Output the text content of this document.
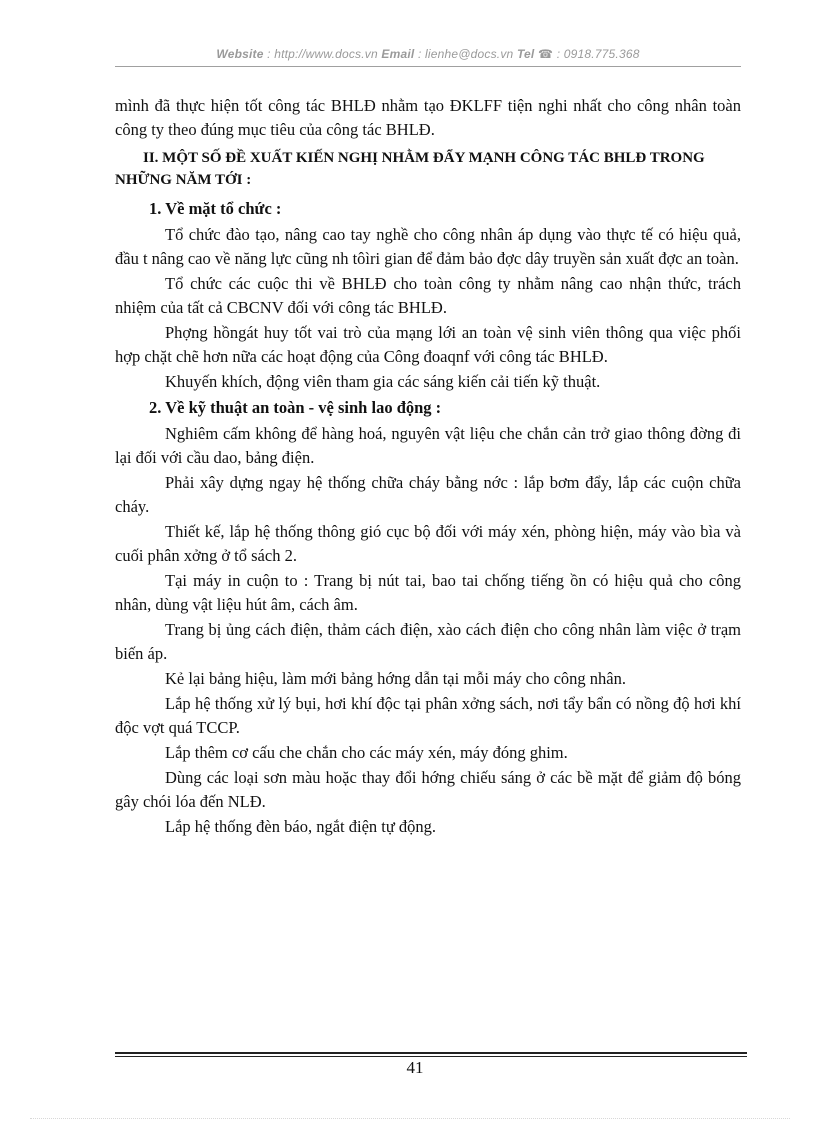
Website : http://www.docs.vn Email : lienhe@docs.vn Tel ☎ : 0918.775.368

mình đã thực hiện tốt công tác BHLĐ nhằm tạo ĐKLFF tiện nghi nhất cho công nhân toàn công ty theo đúng mục tiêu của công tác BHLĐ.

II. MỘT SỐ ĐỀ XUẤT KIẾN NGHỊ NHẰM ĐẨY MẠNH CÔNG TÁC BHLĐ TRONG NHỮNG NĂM TỚI :
1. Về mặt tổ chức :

Tổ chức đào tạo, nâng cao tay nghề cho công nhân áp dụng vào thực tế có hiệu quả, đầu t nâng cao về năng lực cũng nh tôìri gian để đảm bảo đợc dây truyền sản xuất đợc an toàn.

Tổ chức các cuộc thi về BHLĐ cho toàn công ty nhằm nâng cao nhận thức, trách nhiệm của tất cả CBCNV đối với công tác BHLĐ.

Phợng hồngát huy tốt vai trò của mạng lới an toàn vệ sinh viên thông qua việc phối hợp chặt chẽ hơn nữa các hoạt động của Công đoaqnf với công tác BHLĐ.

Khuyến khích, động viên tham gia các sáng kiến cải tiến kỹ thuật.

2. Về kỹ thuật an toàn - vệ sinh lao động :

Nghiêm cấm không để hàng hoá, nguyên vật liệu che chắn cản trở giao thông đờng đi lại đối với cầu dao, bảng điện.

Phải xây dựng ngay hệ thống chữa cháy bằng nớc : lắp bơm đẩy, lắp các cuộn chữa cháy.

Thiết kế, lắp hệ thống thông gió cục bộ đối với máy xén, phòng hiện, máy vào bìa và cuối phân xởng ở tổ sách 2.

Tại máy in cuộn to : Trang bị nút tai, bao tai chống tiếng ồn có hiệu quả cho công nhân, dùng vật liệu hút âm, cách âm.

Trang bị ủng cách điện, thảm cách điện, xào cách điện cho công nhân làm việc ở trạm biến áp.

Kẻ lại bảng hiệu, làm mới bảng hớng dẫn tại mỗi máy cho công nhân.

Lắp hệ thống xử lý bụi, hơi khí độc tại phân xởng sách, nơi tẩy bẩn có nồng độ hơi khí độc vợt quá TCCP.

Lắp thêm cơ cấu che chắn cho các máy xén, máy đóng ghim.

Dùng các loại sơn màu hoặc thay đổi hớng chiếu sáng ở các bề mặt để giảm độ bóng gây chói lóa đến NLĐ.

Lắp hệ thống đèn báo, ngắt điện tự động.

41
